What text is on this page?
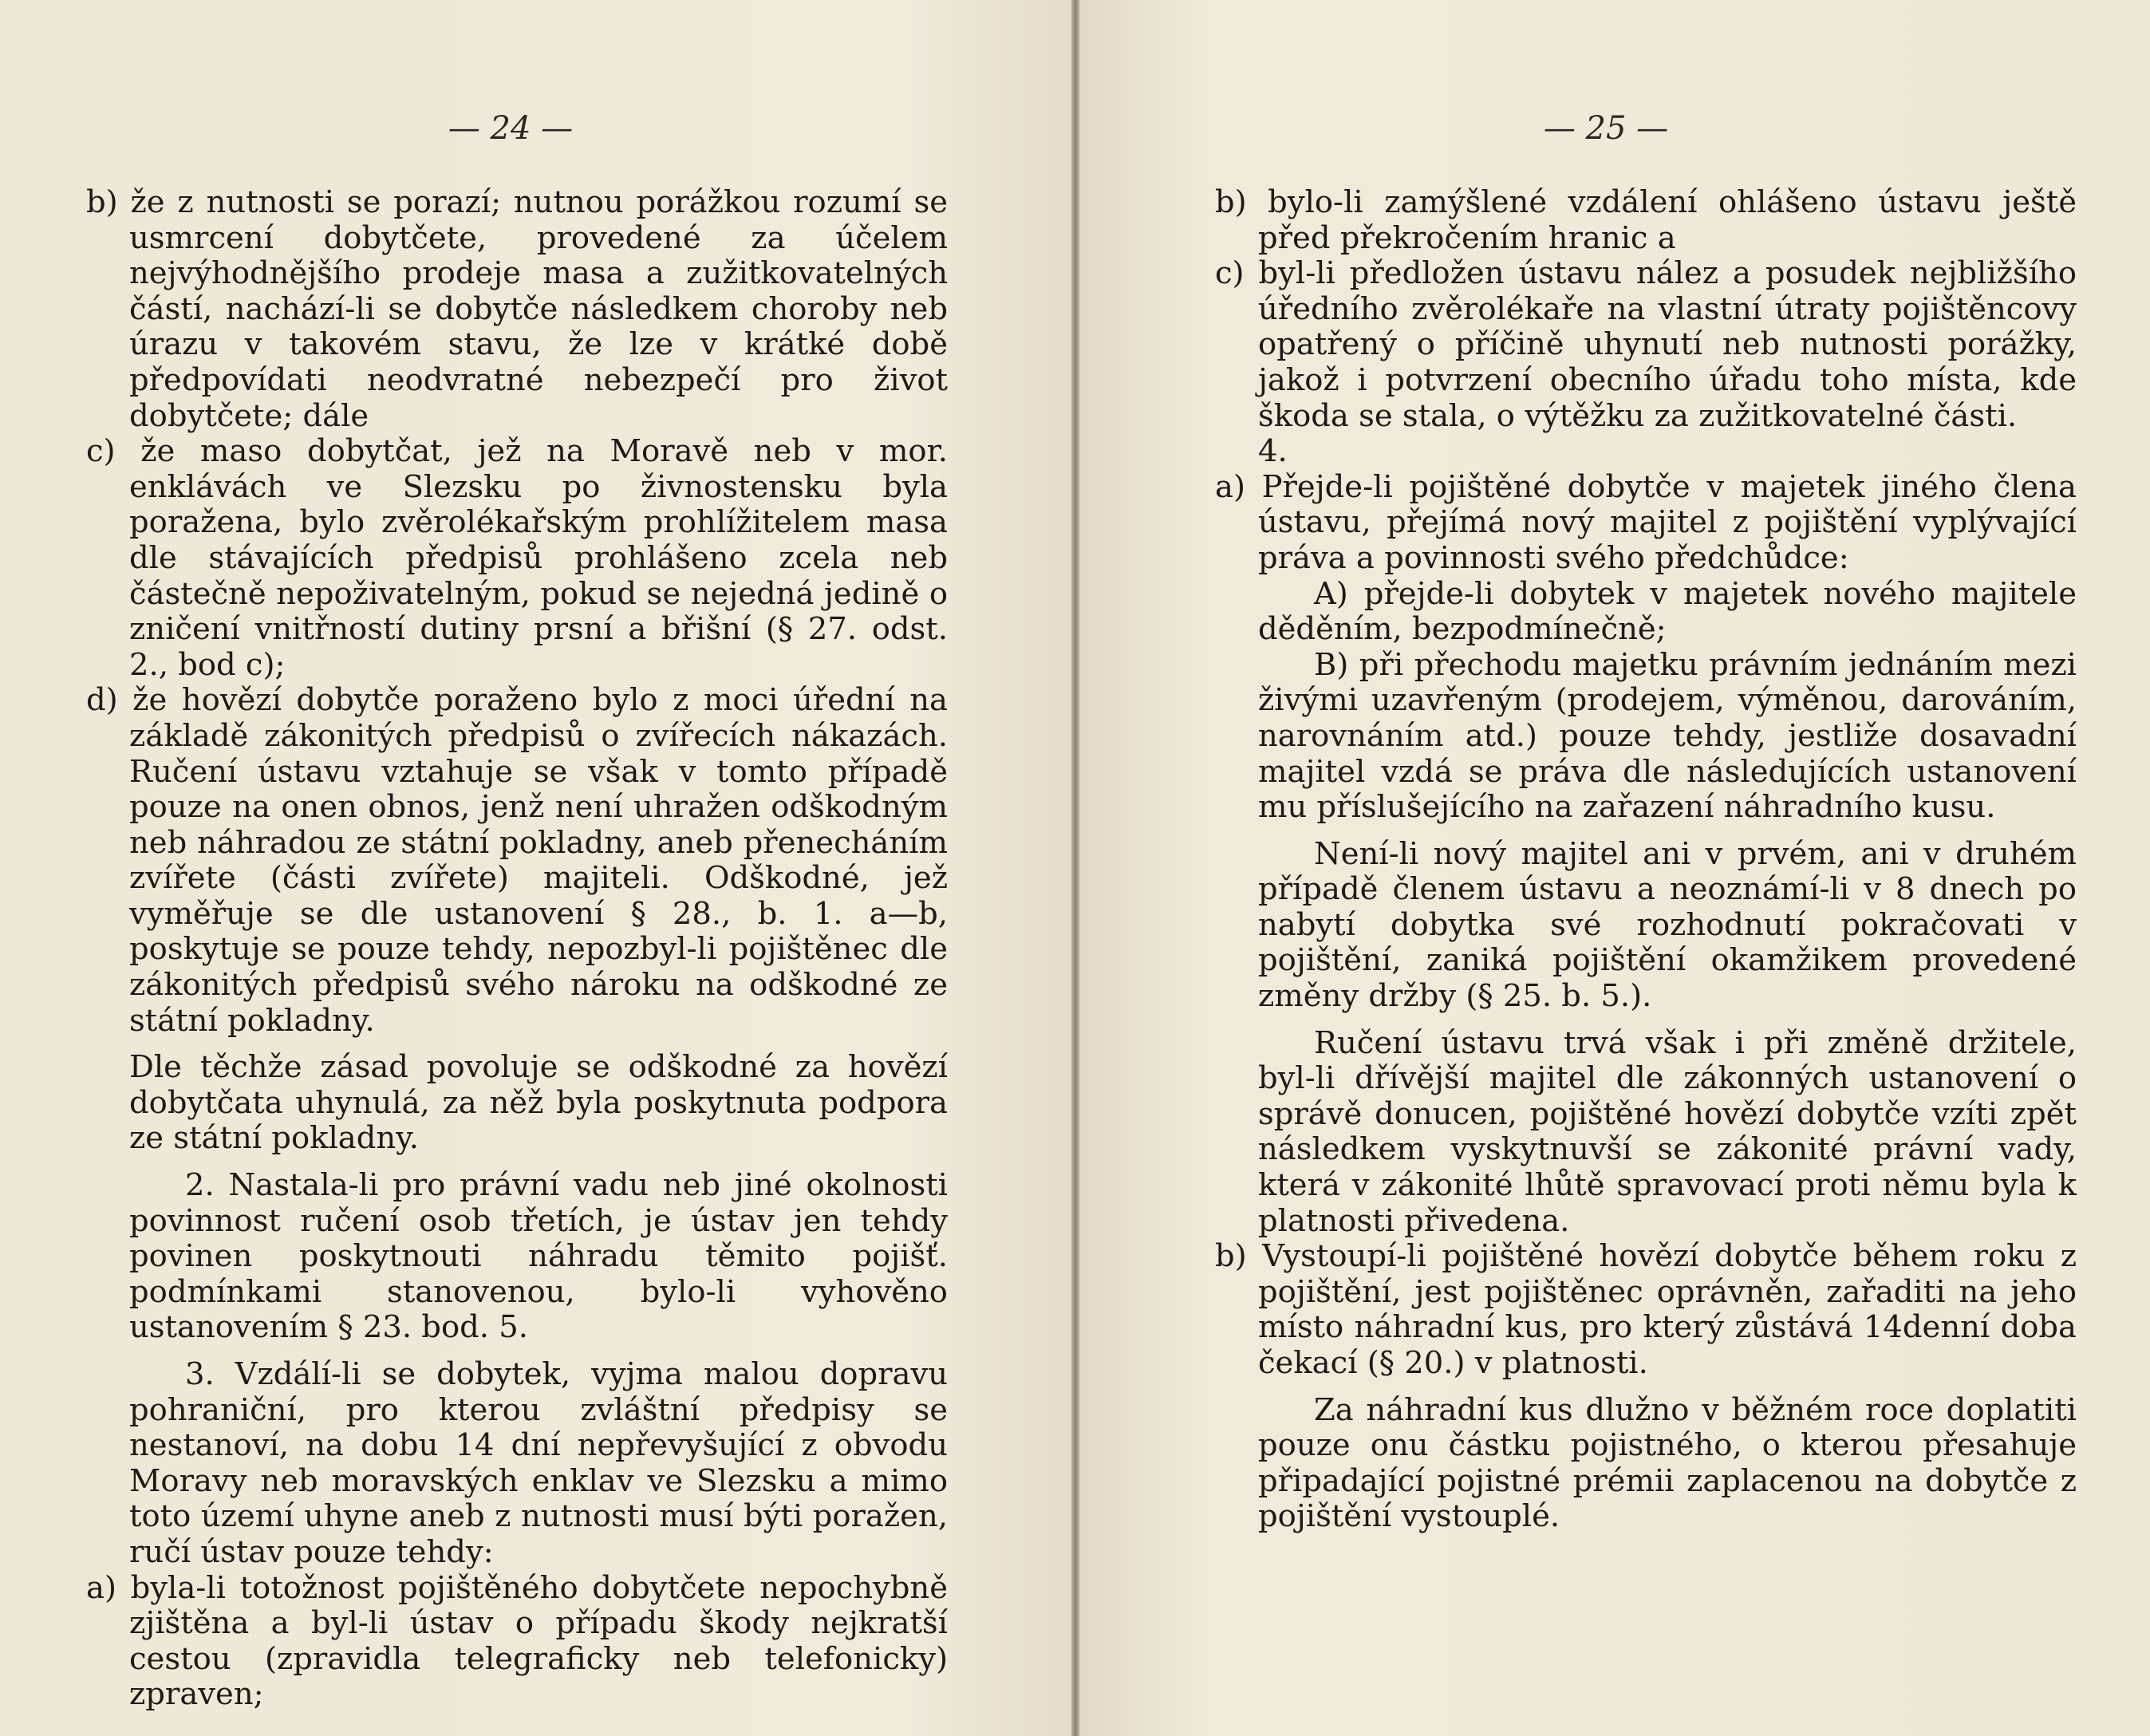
— 24 —

b) že z nutnosti se porazí; nutnou porážkou rozumí se usmrcení dobytčete, provedené za účelem nejvýhodnějšího prodeje masa a zužitkovatelných částí, nachází-li se dobytče následkem choroby neb úrazu v takovém stavu, že lze v krátké době předpovídati neodvratné nebezpečí pro život dobytčete; dále

c) že maso dobytčat, jež na Moravě neb v mor. enklávách ve Slezsku po živnostensku byla poražena, bylo zvěrolékařským prohlížitelem masa dle stávajících předpisů prohlášeno zcela neb částečně nepoživatelným, pokud se nejedná jedině o zničení vnitřností dutiny prsní a břišní (§ 27. odst. 2., bod c);

d) že hovězí dobytče poraženo bylo z moci úřední na základě zákonitých předpisů o zvířecích nákazách. Ručení ústavu vztahuje se však v tomto případě pouze na onen obnos, jenž není uhražen odškodným neb náhradou ze státní pokladny, aneb přenecháním zvířete (části zvířete) majiteli. Odškodné, jež vyměřuje se dle ustanovení § 28., b. 1. a—b, poskytuje se pouze tehdy, nepozbyl-li pojištěnec dle zákonitých předpisů svého nároku na odškodné ze státní pokladny.

Dle těchže zásad povoluje se odškodné za hovězí dobytčata uhynulá, za něž byla poskytnuta podpora ze státní pokladny.

2. Nastala-li pro právní vadu neb jiné okolnosti povinnost ručení osob třetích, je ústav jen tehdy povinen poskytnouti náhradu těmito pojišť. podmínkami stanovenou, bylo-li vyhověno ustanovením § 23. bod. 5.

3. Vzdálí-li se dobytek, vyjma malou dopravu pohraniční, pro kterou zvláštní předpisy se nestanoví, na dobu 14 dní nepřevyšující z obvodu Moravy neb moravských enklav ve Slezsku a mimo toto území uhyne aneb z nutnosti musí býti poražen, ručí ústav pouze tehdy:

a) byla-li totožnost pojištěného dobytčete nepochybně zjištěna a byl-li ústav o případu škody nejkratší cestou (zpravidla telegraficky neb telefonicky) zpraven;

— 25 —

b) bylo-li zamýšlené vzdálení ohlášeno ústavu ještě před překročením hranic a

c) byl-li předložen ústavu nález a posudek nejbližšího úředního zvěrolékaře na vlastní útraty pojištěncovy opatřený o příčině uhynutí neb nutnosti porážky, jakož i potvrzení obecního úřadu toho místa, kde škoda se stala, o výtěžku za zužitkovatelné části.

4.

a) Přejde-li pojištěné dobytče v majetek jiného člena ústavu, přejímá nový majitel z pojištění vyplývající práva a povinnosti svého předchůdce:

A) přejde-li dobytek v majetek nového majitele děděním, bezpodmínečně;

B) při přechodu majetku právním jednáním mezi živými uzavřeným (prodejem, výměnou, darováním, narovnáním atd.) pouze tehdy, jestliže dosavadní majitel vzdá se práva dle následujících ustanovení mu příslušejícího na zařazení náhradního kusu.

Není-li nový majitel ani v prvém, ani v druhém případě členem ústavu a neoznámí-li v 8 dnech po nabytí dobytka své rozhodnutí pokračovati v pojištění, zaniká pojištění okamžikem provedené změny držby (§ 25. b. 5.).

Ručení ústavu trvá však i při změně držitele, byl-li dřívější majitel dle zákonných ustanovení o správě donucen, pojištěné hovězí dobytče vzíti zpět následkem vyskytnuvší se zákonité právní vady, která v zákonité lhůtě spravovací proti němu byla k platnosti přivedena.

b) Vystoupí-li pojištěné hovězí dobytče během roku z pojištění, jest pojištěnec oprávněn, zařaditi na jeho místo náhradní kus, pro který zůstává 14denní doba čekací (§ 20.) v platnosti.

Za náhradní kus dlužno v běžném roce doplatiti pouze onu částku pojistného, o kterou přesahuje připadající pojistné prémii zaplacenou na dobytče z pojištění vystouplé.
